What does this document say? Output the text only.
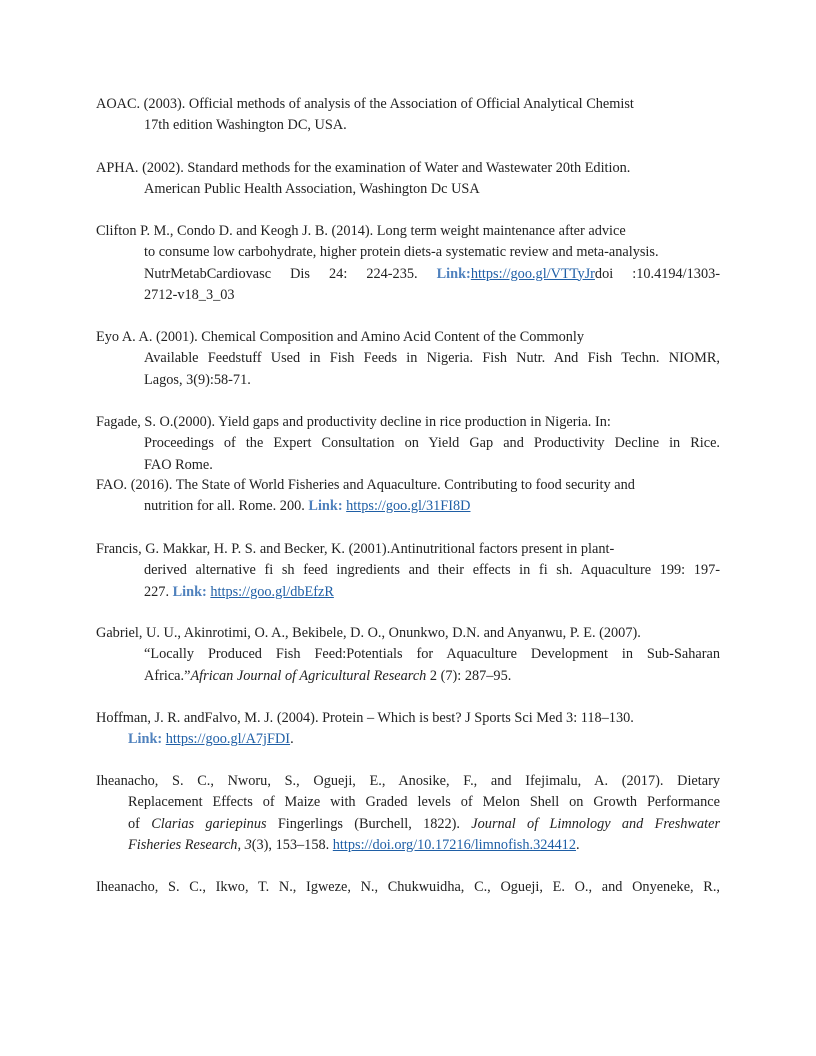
AOAC. (2003). Official methods of analysis of the Association of Official Analytical Chemist
17th edition Washington DC, USA.
APHA. (2002). Standard methods for the examination of Water and Wastewater 20th Edition.
American Public Health Association, Washington Dc USA
Clifton P. M., Condo D. and Keogh J. B. (2014). Long term weight maintenance after advice
to consume low carbohydrate, higher protein diets-a systematic review and meta-analysis.
NutrMetabCardiovasc Dis 24: 224-235. Link:https://goo.gl/VTTyJrdoi :10.4194/1303-
2712-v18_3_03
Eyo A. A. (2001). Chemical Composition and Amino Acid Content of the Commonly
Available Feedstuff Used in Fish Feeds in Nigeria. Fish Nutr. And Fish Techn. NIOMR,
Lagos, 3(9):58-71.
Fagade, S. O.(2000). Yield gaps and productivity decline in rice production in Nigeria. In:
Proceedings of the Expert Consultation on Yield Gap and Productivity Decline in Rice.
FAO Rome.
FAO. (2016). The State of World Fisheries and Aquaculture. Contributing to food security and
nutrition for all. Rome. 200. Link: https://goo.gl/31FI8D
Francis, G. Makkar, H. P. S. and Becker, K. (2001).Antinutritional factors present in plant-
derived alternative fi sh feed ingredients and their effects in fi sh. Aquaculture 199: 197-
227. Link: https://goo.gl/dbEfzR
Gabriel, U. U., Akinrotimi, O. A., Bekibele, D. O., Onunkwo, D.N. and Anyanwu, P. E. (2007).
“Locally Produced Fish Feed:Potentials for Aquaculture Development in Sub-Saharan
Africa.”African Journal of Agricultural Research 2 (7): 287–95.
Hoffman, J. R. andFalvo, M. J. (2004). Protein – Which is best? J Sports Sci Med 3: 118–130.
Link: https://goo.gl/A7jFDI.
Iheanacho, S. C., Nworu, S., Ogueji, E., Anosike, F., and Ifejimalu, A. (2017). Dietary
Replacement Effects of Maize with Graded levels of Melon Shell on Growth Performance
of Clarias gariepinus Fingerlings (Burchell, 1822). Journal of Limnology and Freshwater
Fisheries Research, 3(3), 153–158. https://doi.org/10.17216/limnofish.324412.
Iheanacho, S. C., Ikwo, T. N., Igweze, N., Chukwuidha, C., Ogueji, E. O., and Onyeneke, R.,
